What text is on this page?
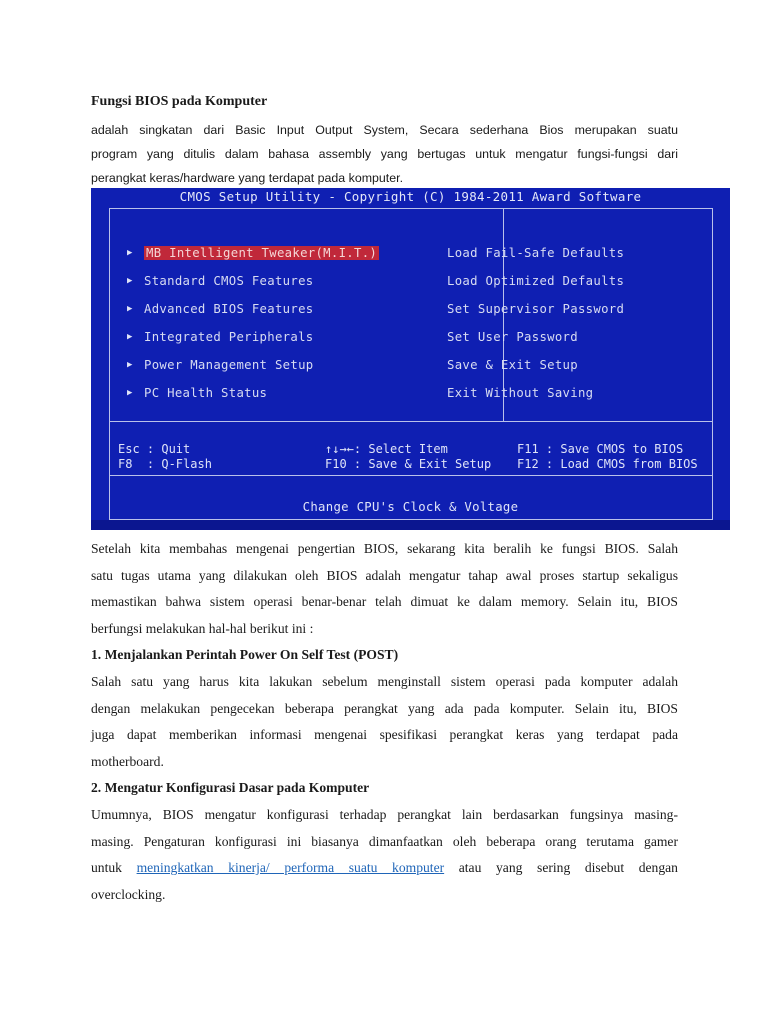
Fungsi BIOS pada Komputer
adalah singkatan dari Basic Input Output System, Secara sederhana Bios merupakan suatu
program yang ditulis dalam bahasa assembly yang bertugas untuk mengatur fungsi-fungsi dari
perangkat keras/hardware yang terdapat pada komputer.
CMOS Setup Utility - Copyright (C) 1984-2011 Award Software
▶ MB Intelligent Tweaker(M.I.T.)
▶ Standard CMOS Features
▶ Advanced BIOS Features
▶ Integrated Peripherals
▶ Power Management Setup
▶ PC Health Status
Load Fail-Safe Defaults
Load Optimized Defaults
Set Supervisor Password
Set User Password
Save & Exit Setup
Exit Without Saving
Esc : Quit
F8  : Q-Flash
↑↓→←: Select Item
F10 : Save & Exit Setup
F11 : Save CMOS to BIOS
F12 : Load CMOS from BIOS
Change CPU's Clock & Voltage

Setelah kita membahas mengenai pengertian BIOS, sekarang kita beralih ke fungsi BIOS. Salah
satu tugas utama yang dilakukan oleh BIOS adalah mengatur tahap awal proses startup sekaligus
memastikan bahwa sistem operasi benar-benar telah dimuat ke dalam memory. Selain itu, BIOS
berfungsi melakukan hal-hal berikut ini :

1. Menjalankan Perintah Power On Self Test (POST)

Salah satu yang harus kita lakukan sebelum menginstall sistem operasi pada komputer adalah
dengan melakukan pengecekan beberapa perangkat yang ada pada komputer. Selain itu, BIOS
juga dapat memberikan informasi mengenai spesifikasi perangkat keras yang terdapat pada
motherboard.

2. Mengatur Konfigurasi Dasar pada Komputer

Umumnya, BIOS mengatur konfigurasi terhadap perangkat lain berdasarkan fungsinya masing-
masing. Pengaturan konfigurasi ini biasanya dimanfaatkan oleh beberapa orang terutama gamer
untuk meningkatkan kinerja/ performa suatu komputer atau yang sering disebut dengan
overclocking.
